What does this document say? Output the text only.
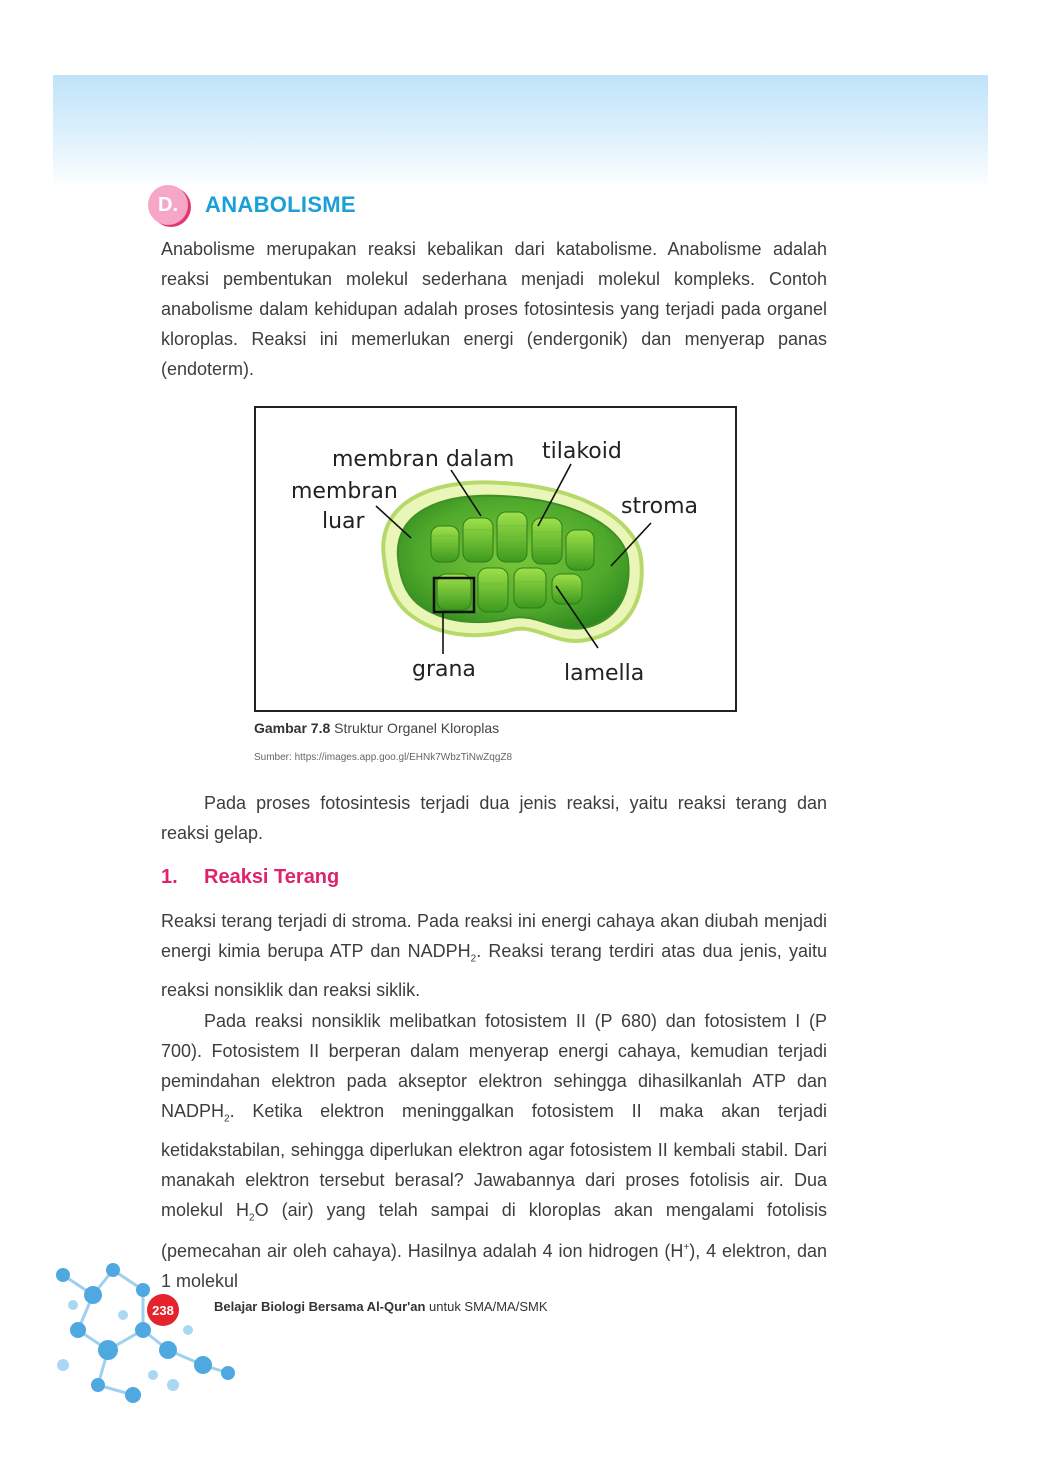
D.	ANABOLISME

Anabolisme merupakan reaksi kebalikan dari katabolisme. Anabolisme adalah reaksi pembentukan molekul sederhana menjadi molekul kompleks. Contoh anabolisme dalam kehidupan adalah proses fotosintesis yang terjadi pada organel kloroplas. Reaksi ini memerlukan energi (endergonik) dan menyerap panas (endoterm).

membran dalam tilakoid
membran
luar
stroma
grana	lamella
Gambar 7.8 Struktur Organel Kloroplas
Sumber: https://images.app.goo.gl/EHNk7WbzTiNwZqgZ8

Pada proses fotosintesis terjadi dua jenis reaksi, yaitu reaksi terang dan reaksi gelap.

1.	Reaksi Terang

Reaksi terang terjadi di stroma. Pada reaksi ini energi cahaya akan diubah menjadi energi kimia berupa ATP dan $NADPH_2$. Reaksi terang terdiri atas dua jenis, yaitu reaksi nonsiklik dan reaksi siklik.

Pada reaksi nonsiklik melibatkan fotosistem II (P 680) dan fotosistem I (P 700). Fotosistem II berperan dalam menyerap energi cahaya, kemudian terjadi pemindahan elektron pada akseptor elektron sehingga dihasilkanlah ATP dan $NADPH_2$. Ketika elektron meninggalkan fotosistem II maka akan terjadi ketidakstabilan, sehingga diperlukan elektron agar fotosistem II kembali stabil. Dari manakah elektron tersebut berasal? Jawabannya dari proses fotolisis air. Dua molekul $H_2O$ (air) yang telah sampai di kloroplas akan mengalami fotolisis (pemecahan air oleh cahaya). Hasilnya adalah 4 ion hidrogen (H+), 4 elektron, dan 1 molekul

238	Belajar Biologi Bersama Al-Qur'an untuk SMA/MA/SMK
